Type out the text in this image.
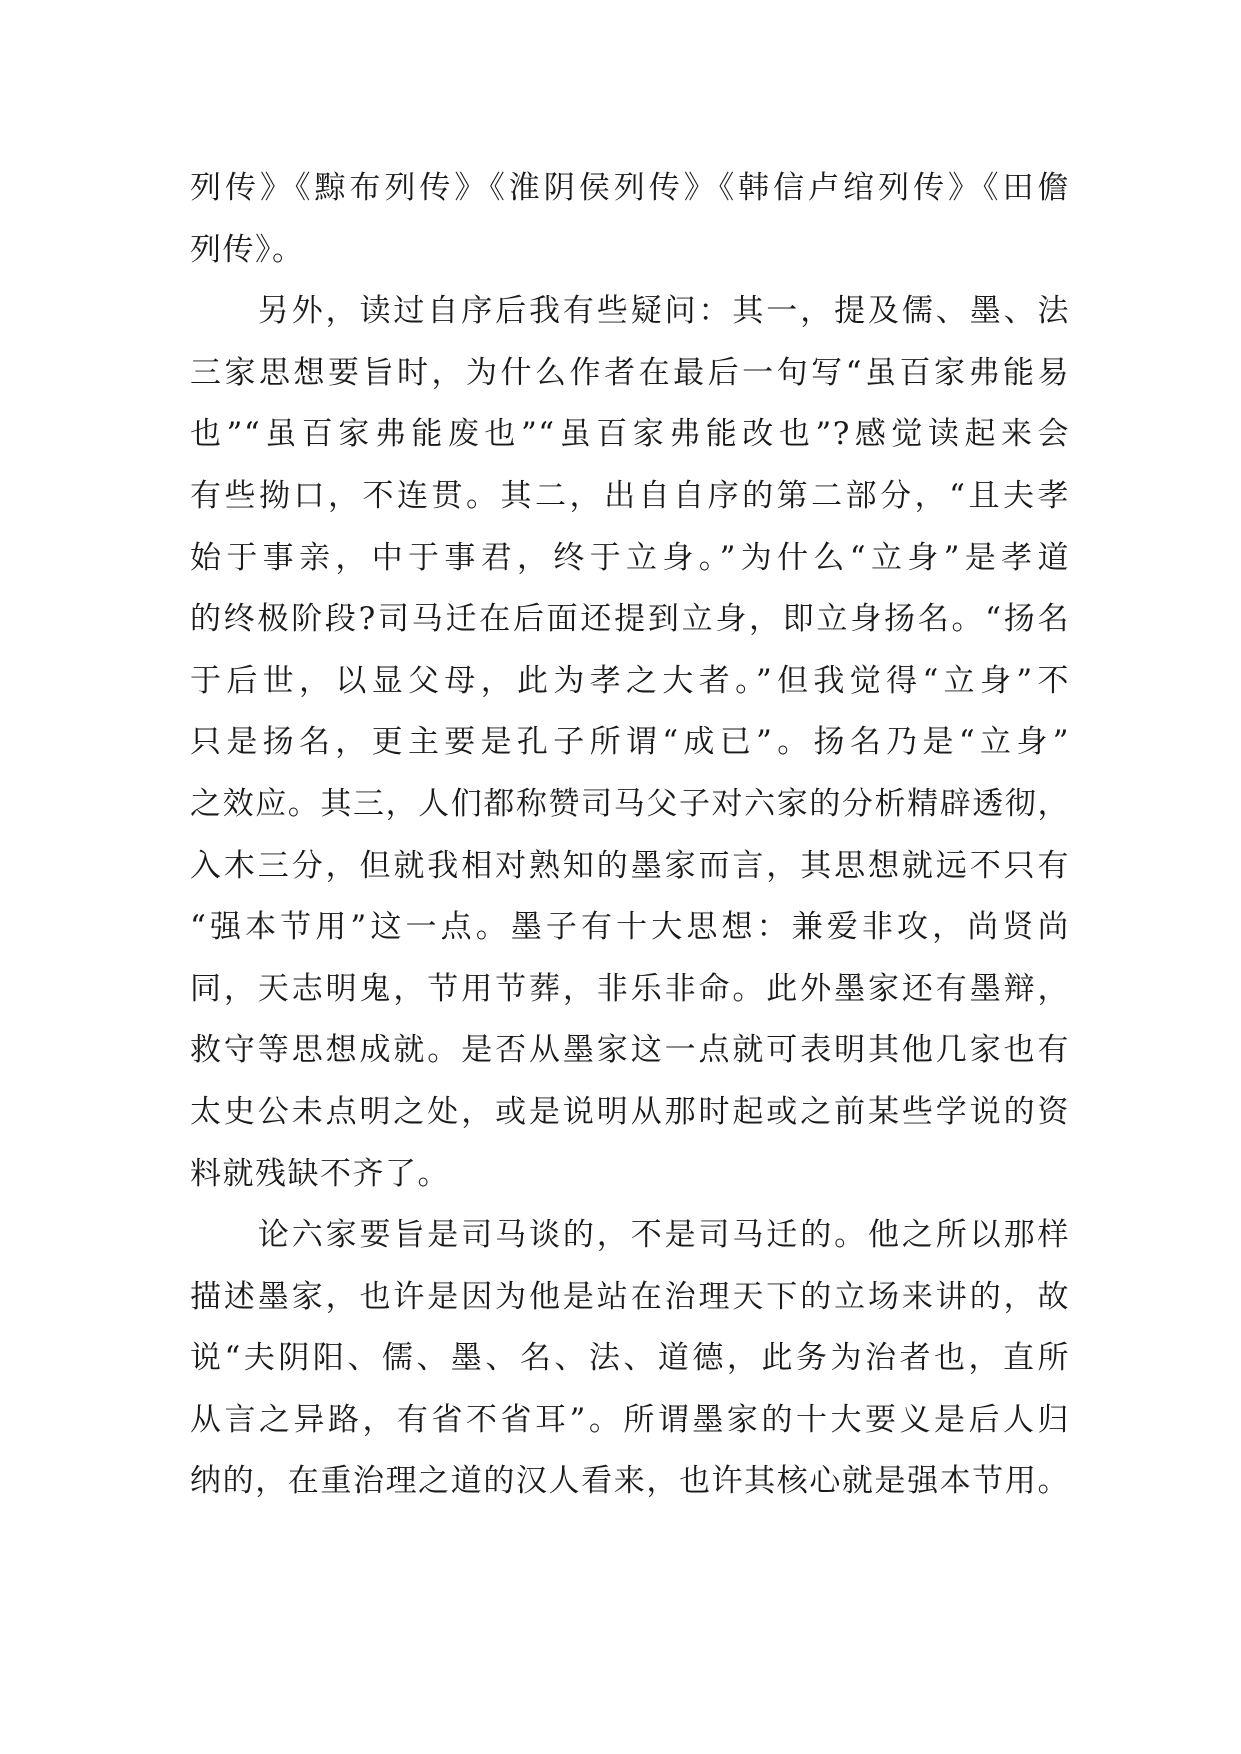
列传》《黥布列传》《淮阴侯列传》《韩信卢绾列传》《田儋
列传》。
　　另外，读过自序后我有些疑问：其一，提及儒、墨、法
三家思想要旨时，为什么作者在最后一句写“虽百家弗能易
也”“虽百家弗能废也”“虽百家弗能改也”?感觉读起来会
有些拗口，不连贯。其二，出自自序的第二部分，“且夫孝
始于事亲，中于事君，终于立身。”为什么“立身”是孝道
的终极阶段?司马迁在后面还提到立身，即立身扬名。“扬名
于后世，以显父母，此为孝之大者。”但我觉得“立身”不
只是扬名，更主要是孔子所谓“成已”。扬名乃是“立身”
之效应。其三，人们都称赞司马父子对六家的分析精辟透彻，
入木三分，但就我相对熟知的墨家而言，其思想就远不只有
“强本节用”这一点。墨子有十大思想：兼爱非攻，尚贤尚
同，天志明鬼，节用节葬，非乐非命。此外墨家还有墨辩，
救守等思想成就。是否从墨家这一点就可表明其他几家也有
太史公未点明之处，或是说明从那时起或之前某些学说的资
料就残缺不齐了。
　　论六家要旨是司马谈的，不是司马迁的。他之所以那样
描述墨家，也许是因为他是站在治理天下的立场来讲的，故
说“夫阴阳、儒、墨、名、法、道德，此务为治者也，直所
从言之异路，有省不省耳”。所谓墨家的十大要义是后人归
纳的，在重治理之道的汉人看来，也许其核心就是强本节用。
